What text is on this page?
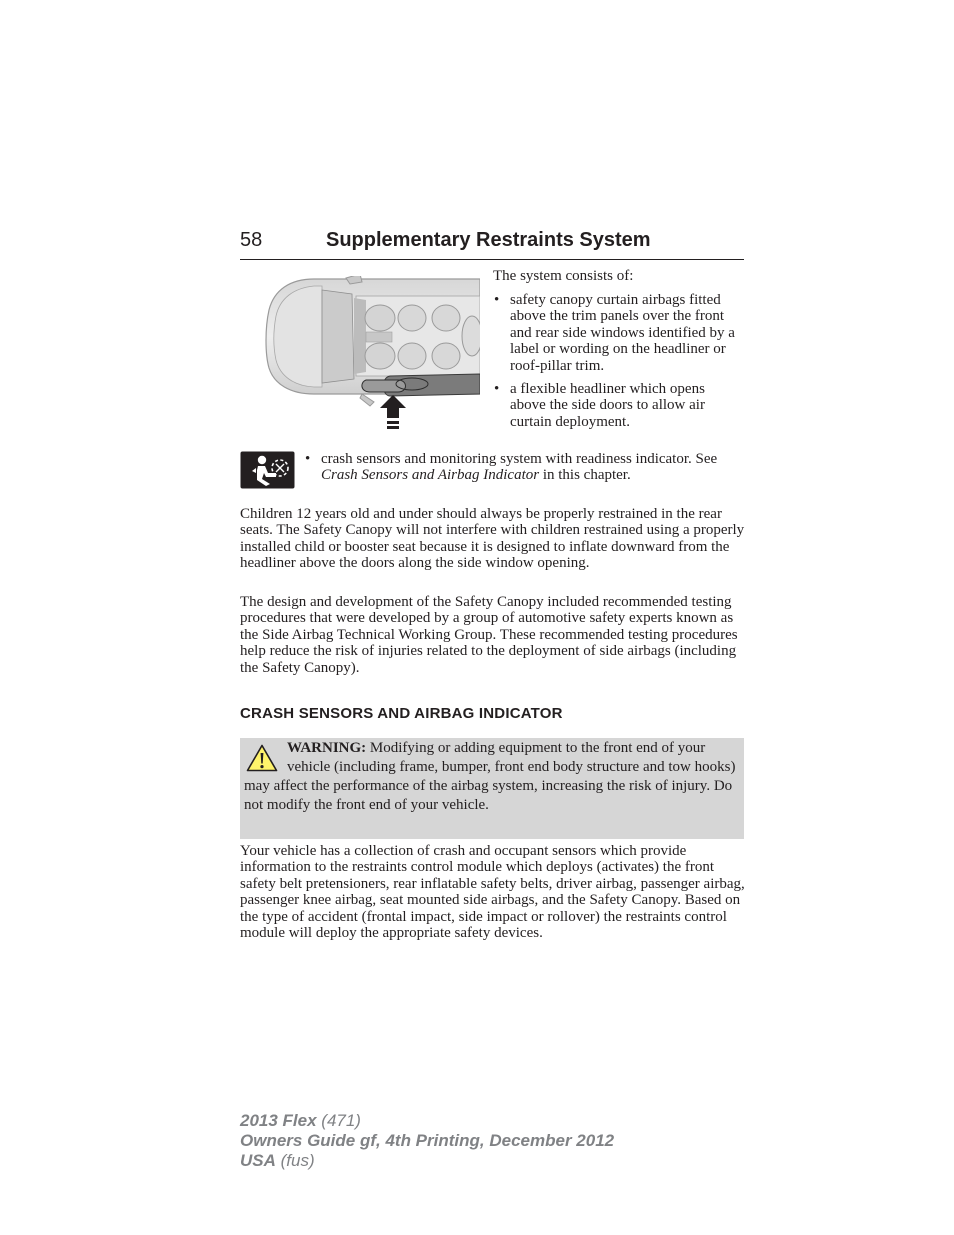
58	Supplementary Restraints System

The system consists of:

• safety canopy curtain airbags fitted above the trim panels over the front and rear side windows identified by a label or wording on the headliner or roof-pillar trim.
• a flexible headliner which opens above the side doors to allow air curtain deployment.
• crash sensors and monitoring system with readiness indicator. See Crash Sensors and Airbag Indicator in this chapter.

Children 12 years old and under should always be properly restrained in the rear seats. The Safety Canopy will not interfere with children restrained using a properly installed child or booster seat because it is designed to inflate downward from the headliner above the doors along the side window opening.

The design and development of the Safety Canopy included recommended testing procedures that were developed by a group of automotive safety experts known as the Side Airbag Technical Working Group. These recommended testing procedures help reduce the risk of injuries related to the deployment of side airbags (including the Safety Canopy).

CRASH SENSORS AND AIRBAG INDICATOR

WARNING: Modifying or adding equipment to the front end of your vehicle (including frame, bumper, front end body structure and tow hooks) may affect the performance of the airbag system, increasing the risk of injury. Do not modify the front end of your vehicle.

Your vehicle has a collection of crash and occupant sensors which provide information to the restraints control module which deploys (activates) the front safety belt pretensioners, rear inflatable safety belts, driver airbag, passenger airbag, passenger knee airbag, seat mounted side airbags, and the Safety Canopy. Based on the type of accident (frontal impact, side impact or rollover) the restraints control module will deploy the appropriate safety devices.

2013 Flex (471)
Owners Guide gf, 4th Printing, December 2012
USA (fus)
